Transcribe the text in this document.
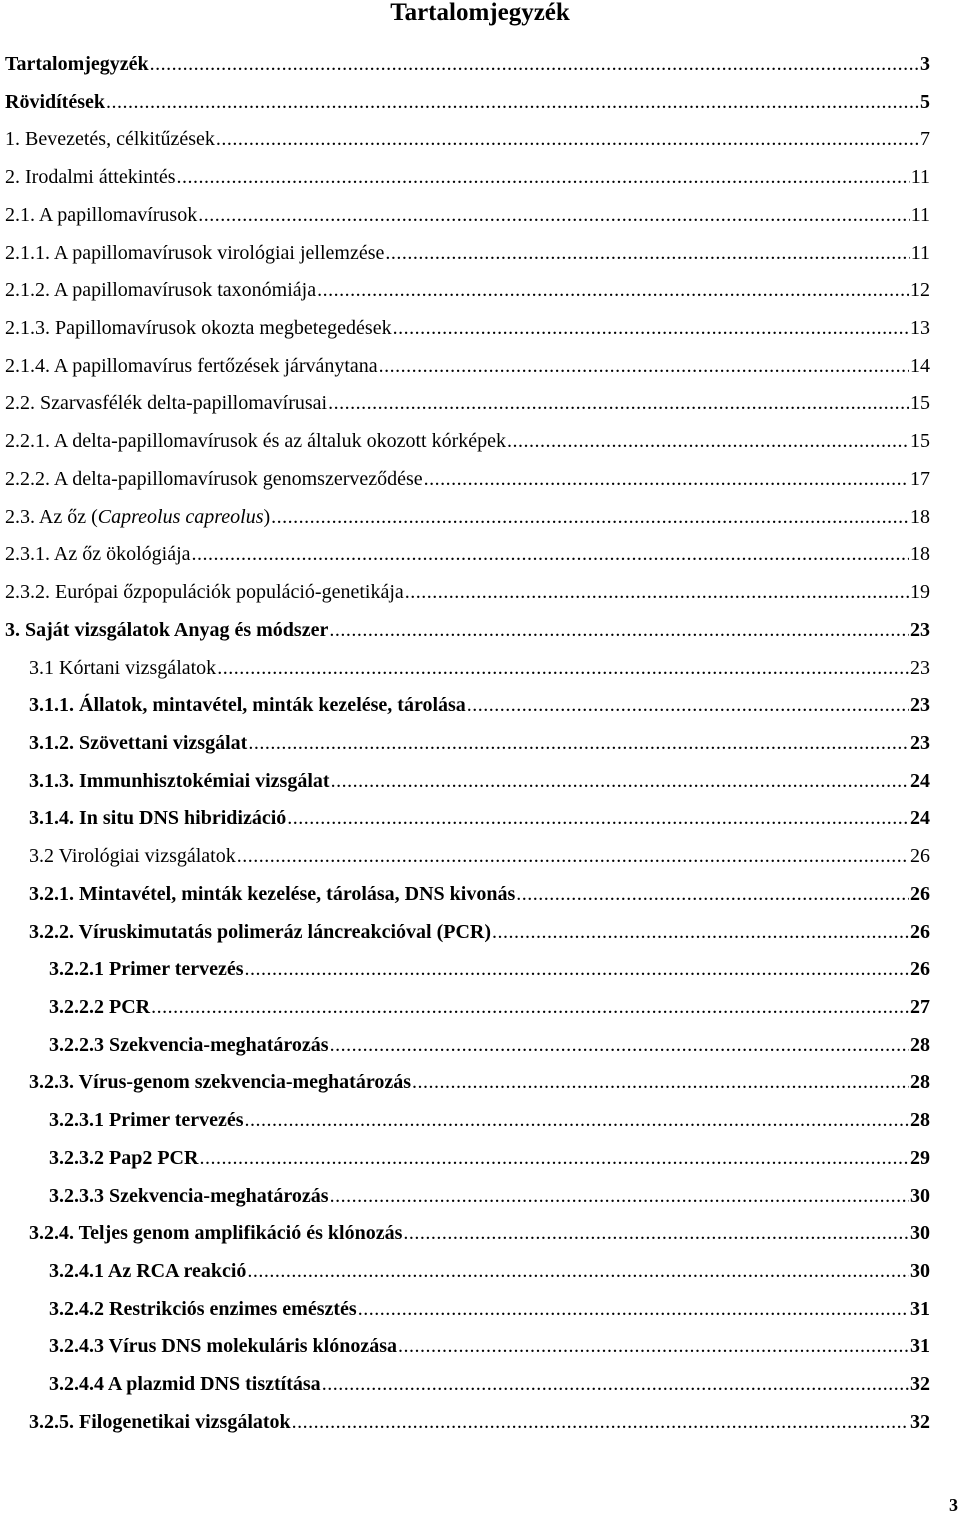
Tartalomjegyzék
Tartalomjegyzék .....	3
Rövidítések .....	5
1. Bevezetés, célkitűzések .....	7
2. Irodalmi áttekintés .....	11
2.1. A papillomavírusok .....	11
2.1.1. A papillomavírusok virológiai jellemzése .....	11
2.1.2. A papillomavírusok taxonómiája .....	12
2.1.3. Papillomavírusok okozta megbetegedések .....	13
2.1.4. A papillomavírus fertőzések járványtana .....	14
2.2. Szarvasfélék delta-papillomavírusai .....	15
2.2.1. A delta-papillomavírusok és az általuk okozott kórképek .....	15
2.2.2. A delta-papillomavírusok genomszerveződése .....	17
2.3. Az őz (Capreolus capreolus) .....	18
2.3.1. Az őz ökológiája .....	18
2.3.2. Európai őzpopulációk populáció-genetikája .....	19
3. Saját vizsgálatok Anyag és módszer .....	23
3.1 Kórtani vizsgálatok .....	23
3.1.1. Állatok, mintavétel, minták kezelése, tárolása .....	23
3.1.2. Szövettani vizsgálat .....	23
3.1.3. Immunhisztokémiai vizsgálat .....	24
3.1.4. In situ DNS hibridizáció .....	24
3.2 Virológiai vizsgálatok .....	26
3.2.1. Mintavétel, minták kezelése, tárolása, DNS kivonás .....	26
3.2.2. Víruskimutatás polimeráz láncreakcióval (PCR) .....	26
3.2.2.1 Primer tervezés .....	26
3.2.2.2 PCR .....	27
3.2.2.3 Szekvencia-meghatározás .....	28
3.2.3. Vírus-genom szekvencia-meghatározás .....	28
3.2.3.1 Primer tervezés .....	28
3.2.3.2 Pap2 PCR .....	29
3.2.3.3 Szekvencia-meghatározás .....	30
3.2.4. Teljes genom amplifikáció és klónozás .....	30
3.2.4.1 Az RCA reakció .....	30
3.2.4.2 Restrikciós enzimes emésztés .....	31
3.2.4.3 Vírus DNS molekuláris klónozása .....	31
3.2.4.4 A plazmid DNS tisztítása .....	32
3.2.5. Filogenetikai vizsgálatok .....	32
3
